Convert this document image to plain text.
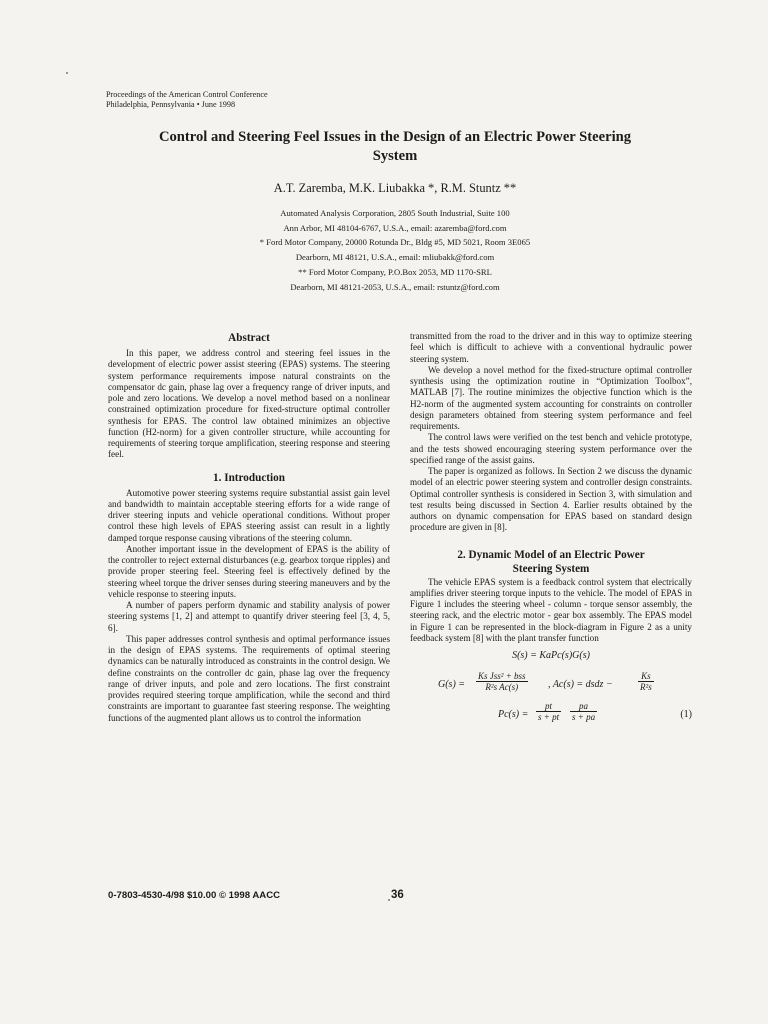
Proceedings of the American Control Conference
Philadelphia, Pennsylvania • June 1998
Control and Steering Feel Issues in the Design of an Electric Power Steering
System
A.T. Zaremba, M.K. Liubakka *, R.M. Stuntz **
Automated Analysis Corporation, 2805 South Industrial, Suite 100
Ann Arbor, MI 48104-6767, U.S.A., email: azaremba@ford.com
* Ford Motor Company, 20000 Rotunda Dr., Bldg #5, MD 5021, Room 3E065
Dearborn, MI 48121, U.S.A., email: mliubakk@ford.com
** Ford Motor Company, P.O.Box 2053, MD 1170-SRL
Dearborn, MI 48121-2053, U.S.A., email: rstuntz@ford.com
Abstract

In this paper, we address control and steering feel issues in the development of electric power assist steering (EPAS) systems. The steering system performance requirements impose natural constraints on the compensator dc gain, phase lag over a frequency range of driver inputs, and pole and zero locations. We develop a novel method based on a nonlinear constrained optimization procedure for fixed-structure optimal controller synthesis for EPAS. The control law obtained minimizes an objective function (H2-norm) for a given controller structure, while accounting for requirements of steering torque amplification, steering response and steering feel.

1. Introduction

Automotive power steering systems require substantial assist gain level and bandwidth to maintain acceptable steering efforts for a wide range of driver steering inputs and vehicle operational conditions. Without proper control these high levels of EPAS steering assist can result in a lightly damped torque response causing vibrations of the steering column.

Another important issue in the development of EPAS is the ability of the controller to reject external disturbances (e.g. gearbox torque ripples) and provide proper steering feel. Steering feel is effectively defined by the steering wheel torque the driver senses during steering maneuvers and by the vehicle response to steering inputs.

A number of papers perform dynamic and stability analysis of power steering systems [1, 2] and attempt to quantify driver steering feel [3, 4, 5, 6].

This paper addresses control synthesis and optimal performance issues in the design of EPAS systems. The requirements of optimal steering dynamics can be naturally introduced as constraints in the control design. We define constraints on the controller dc gain, phase lag over the frequency range of driver inputs, and pole and zero locations. The first constraint provides required steering torque amplification, while the second and third constraints are important to guarantee fast steering response. The weighting functions of the augmented plant allows us to control the information

transmitted from the road to the driver and in this way to optimize steering feel which is difficult to achieve with a conventional hydraulic power steering system.

We develop a novel method for the fixed-structure optimal controller synthesis using the optimization routine in “Optimization Toolbox”, MATLAB [7]. The routine minimizes the objective function which is the H2-norm of the augmented system accounting for constraints on controller design parameters obtained from steering system performance and feel requirements.

The control laws were verified on the test bench and vehicle prototype, and the tests showed encouraging steering system performance over the specified range of the assist gains.

The paper is organized as follows. In Section 2 we discuss the dynamic model of an electric power steering system and controller design constraints. Optimal controller synthesis is considered in Section 3, with simulation and test results being discussed in Section 4. Earlier results obtained by the authors on dynamic compensation for EPAS based on standard design procedure are given in [8].

2. Dynamic Model of an Electric Power
Steering System

The vehicle EPAS system is a feedback control system that electrically amplifies driver steering torque inputs to the vehicle. The model of EPAS in Figure 1 includes the steering wheel - column - torque sensor assembly, the steering rack, and the electric motor - gear box assembly. The EPAS model in Figure 1 can be represented in the block-diagram in Figure 2 as a unity feedback system [8] with the plant transfer function

S(s) = KaPc(s)G(s)
G(s) =
Ks Jss² + bss
R²s Ac(s)	, Ac(s) = dsdz −	$\frac{Ks}{\text{R²s}}$
$Pc(s) = \frac{pt}{s + pt} \frac{pa}{s + pa}$	(1)
0-7803-4530-4/98 $10.00 © 1998 AACC	36
